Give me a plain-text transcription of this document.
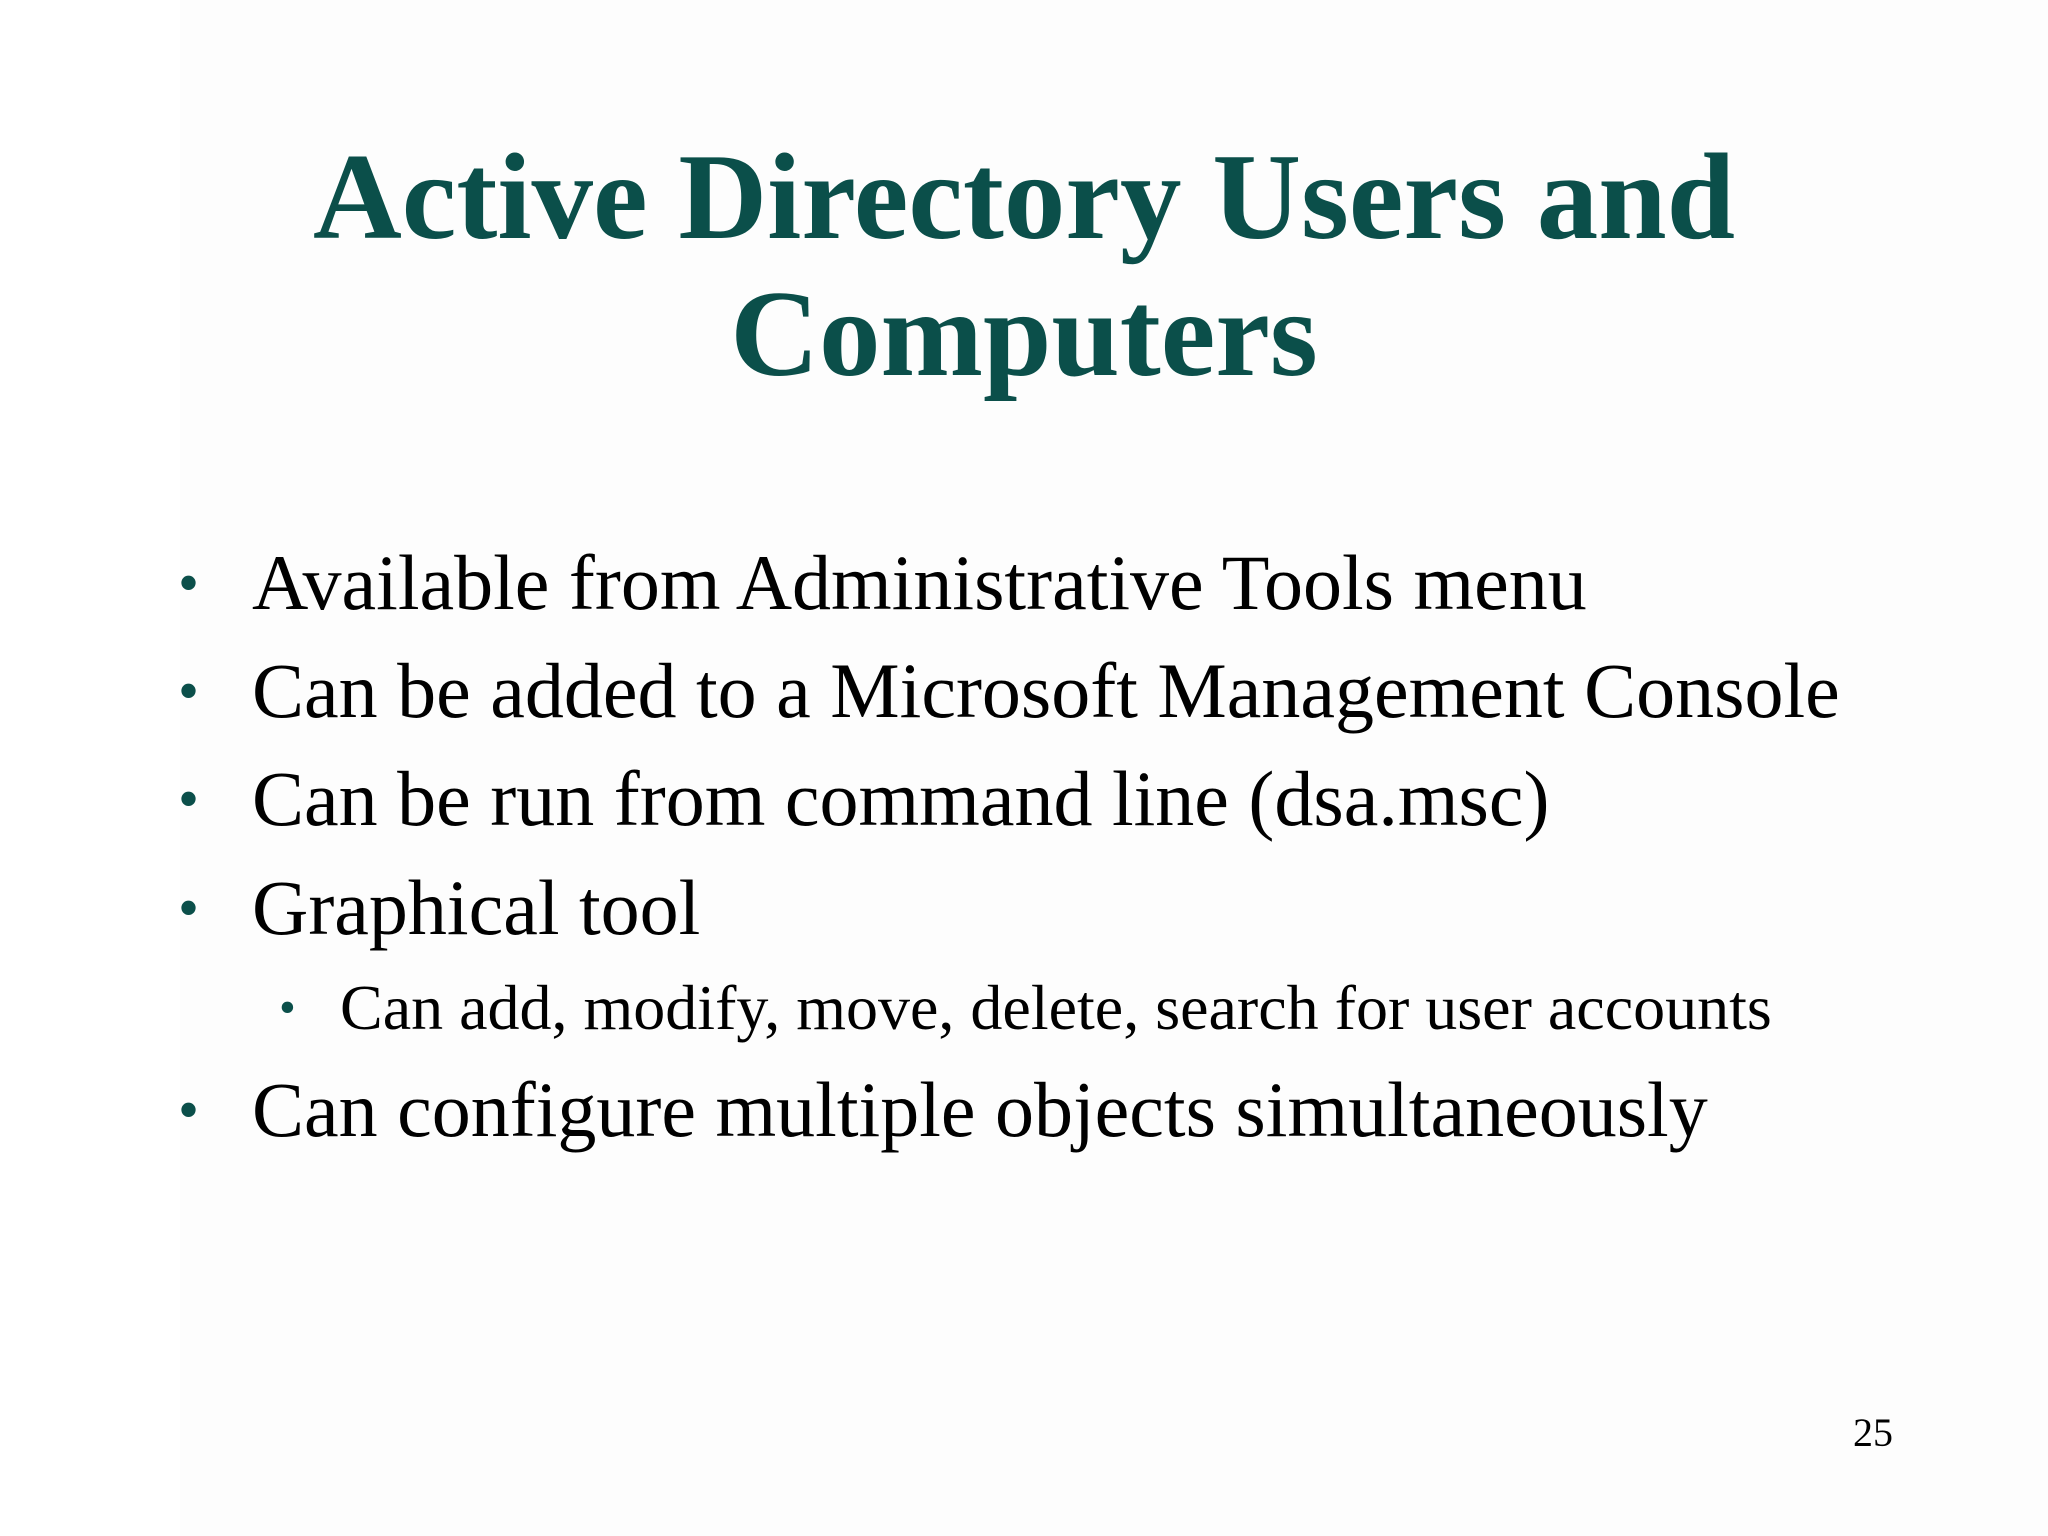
Active Directory Users and
Computers
• Available from Administrative Tools menu
• Can be added to a Microsoft Management Console
• Can be run from command line (dsa.msc)
• Graphical tool
• Can add, modify, move, delete, search for user accounts
• Can configure multiple objects simultaneously
25
